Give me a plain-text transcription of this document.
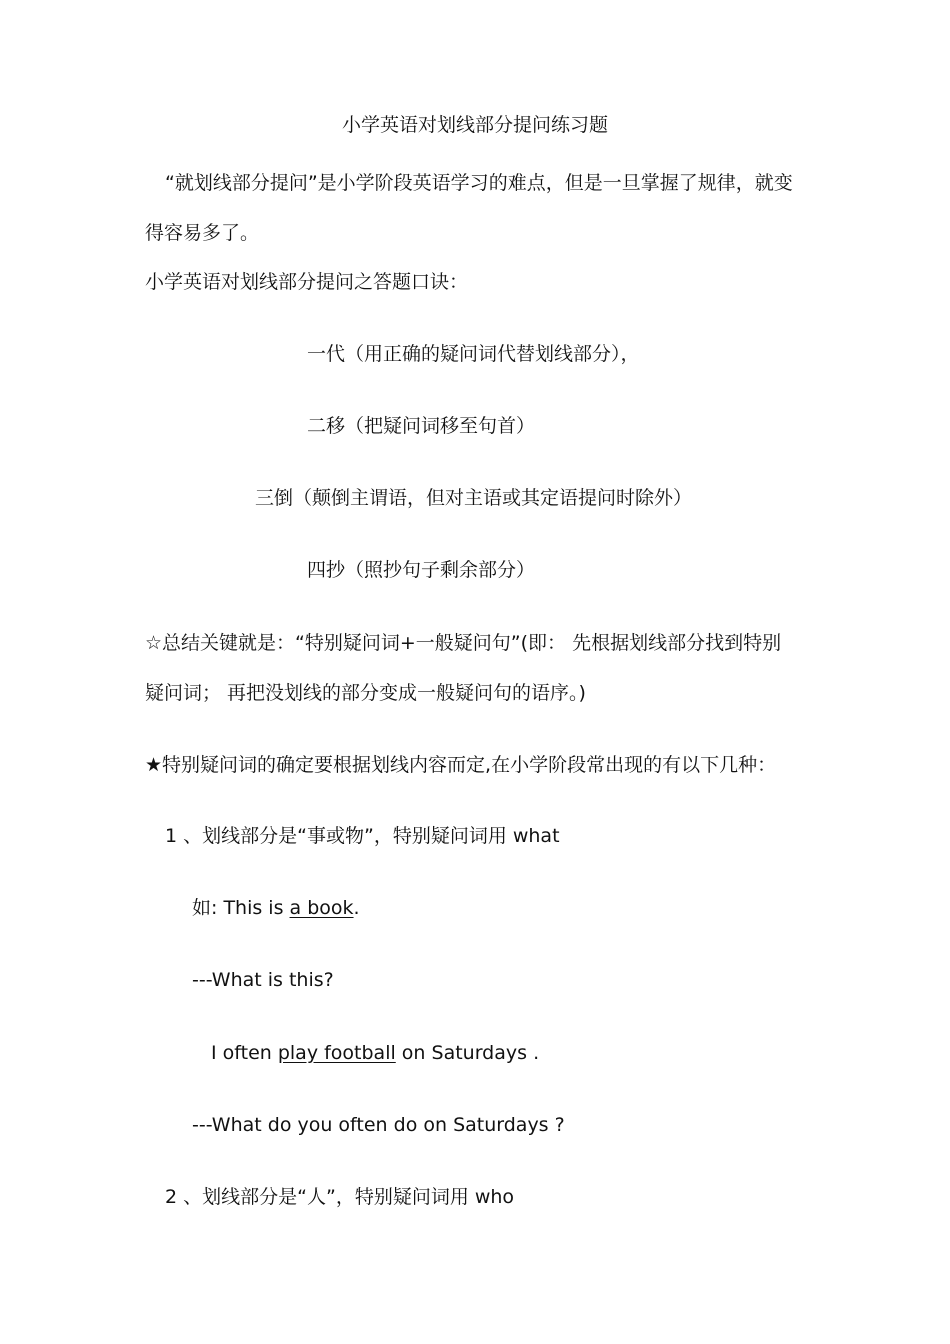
小学英语对划线部分提问练习题
“就划线部分提问”是小学阶段英语学习的难点，但是一旦掌握了规律，就变
得容易多了。
小学英语对划线部分提问之答题口诀：
一代（用正确的疑问词代替划线部分），
二移（把疑问词移至句首）
三倒（颠倒主谓语，但对主语或其定语提问时除外）
四抄（照抄句子剩余部分）
☆总结关键就是：“特别疑问词+一般疑问句”(即： 先根据划线部分找到特别
疑问词； 再把没划线的部分变成一般疑问句的语序。)
★特别疑问词的确定要根据划线内容而定,在小学阶段常出现的有以下几种：
1 、划线部分是“事或物”，特别疑问词用 what
如: This is a book.
---What is this?
I often play football on Saturdays .
---What do you often do on Saturdays ?
2 、划线部分是“人”，特别疑问词用 who
